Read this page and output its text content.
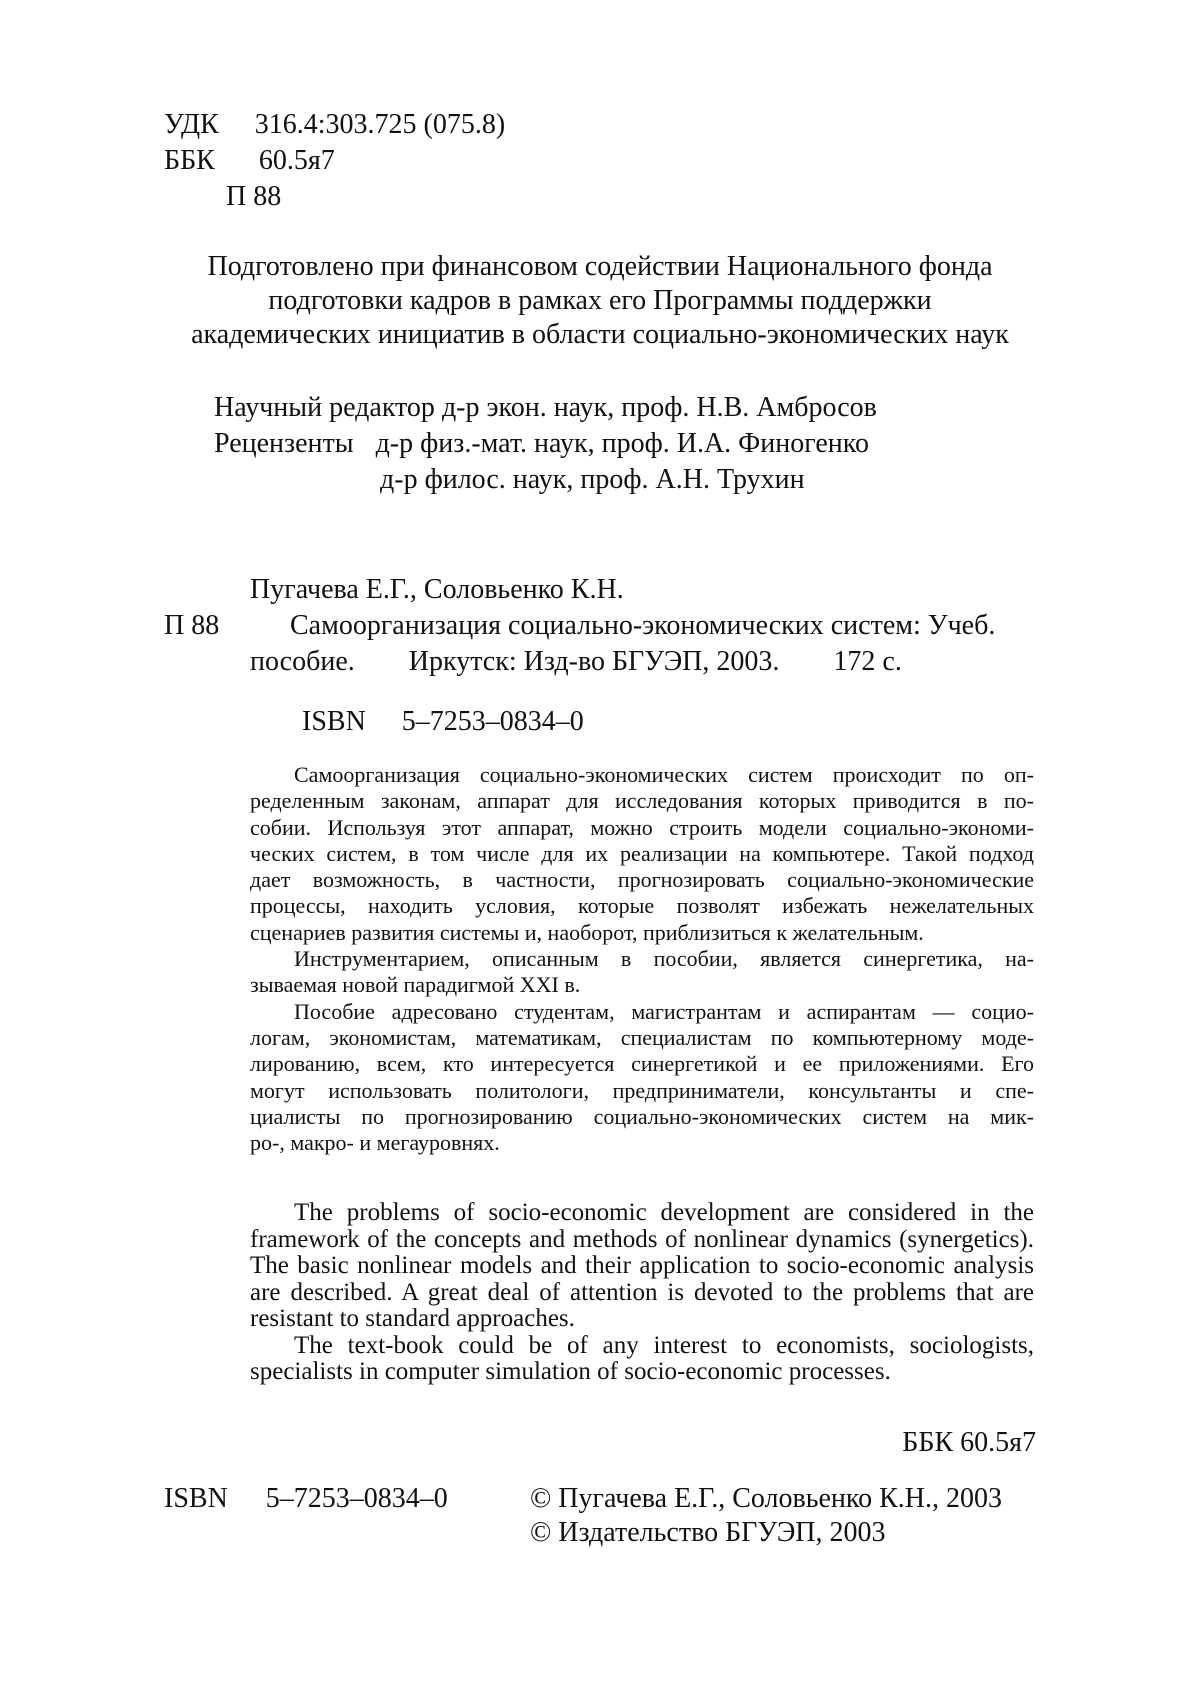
УДК 316.4:303.725 (075.8)
ББК 60.5я7
П 88
Подготовлено при финансовом содействии Национального фонда
подготовки кадров в рамках его Программы поддержки
академических инициатив в области социально-экономических наук
Научный редактор д-р экон. наук, проф. Н.В. Амбросов
Рецензенты д-р физ.-мат. наук, проф. И.А. Финогенко
д-р филос. наук, проф. А.Н. Трухин
Пугачева Е.Г., Соловьенко К.Н.
П 88	Самоорганизация социально-экономических систем: Учеб.
пособие. Иркутск: Изд-во БГУЭП, 2003. 172 с.
ISBN 5–7253–0834–0
Самоорганизация социально-экономических систем происходит по оп-
ределенным законам, аппарат для исследования которых приводится в по-
собии. Используя этот аппарат, можно строить модели социально-экономи-
ческих систем, в том числе для их реализации на компьютере. Такой подход
дает возможность, в частности, прогнозировать социально-экономические
процессы, находить условия, которые позволят избежать нежелательных
сценариев развития системы и, наоборот, приблизиться к желательным.
Инструментарием, описанным в пособии, является синергетика, на-
зываемая новой парадигмой XXI в.
Пособие адресовано студентам, магистрантам и аспирантам — социо-
логам, экономистам, математикам, специалистам по компьютерному моде-
лированию, всем, кто интересуется синергетикой и ее приложениями. Его
могут использовать политологи, предприниматели, консультанты и спе-
циалисты по прогнозированию социально-экономических систем на мик-
ро-, макро- и мегауровнях.
The problems of socio-economic development are considered in the
framework of the concepts and methods of nonlinear dynamics (synergetics).
The basic nonlinear models and their application to socio-economic analysis
are described. A great deal of attention is devoted to the problems that are
resistant to standard approaches.
The text-book could be of any interest to economists, sociologists,
specialists in computer simulation of socio-economic processes.
ББК 60.5я7
ISBN 5–7253–0834–0	© Пугачева Е.Г., Соловьенко К.Н., 2003
© Издательство БГУЭП, 2003
